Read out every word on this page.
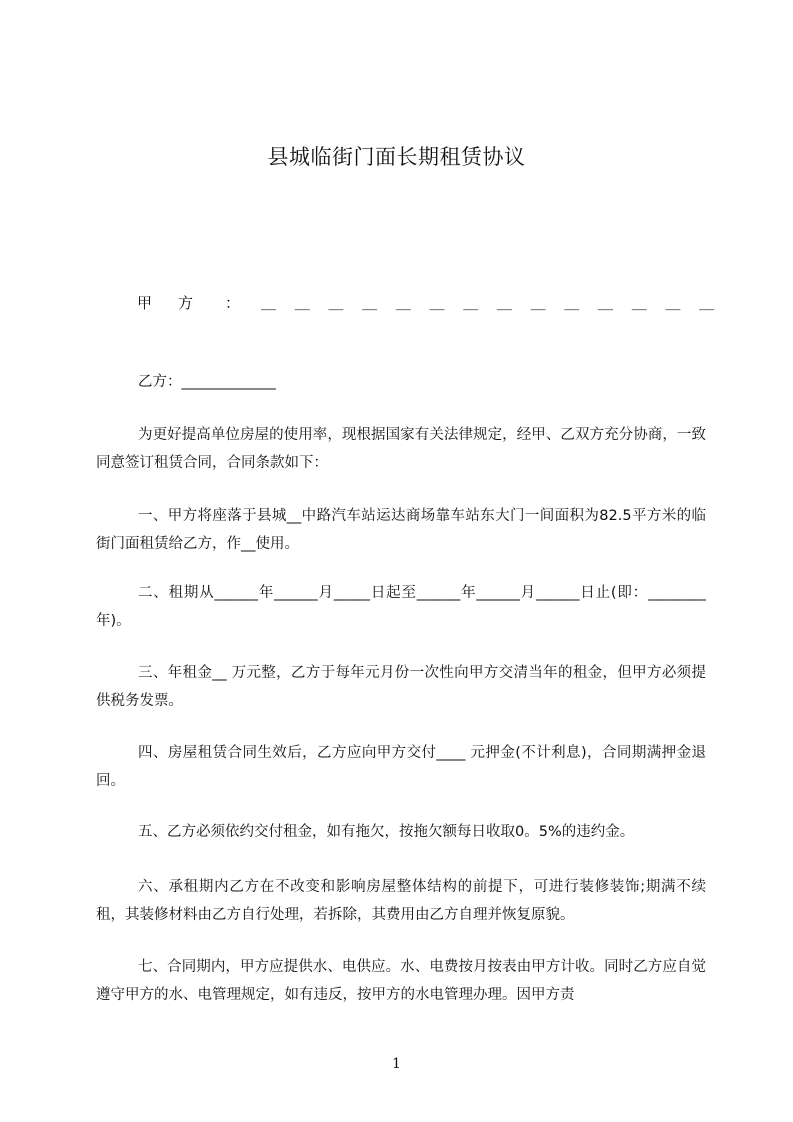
县城临街门面长期租赁协议
甲方 ： ＿＿＿＿＿＿＿＿＿＿＿＿＿＿
乙方：_____________
为更好提高单位房屋的使用率，现根据国家有关法律规定，经甲、乙双方充分协商，一致同意签订租赁合同，合同条款如下：
一、甲方将座落于县城__中路汽车站运达商场靠车站东大门一间面积为82.5平方米的临街门面租赁给乙方，作__使用。
二、租期从______年______月_____日起至______年______月______日止(即：________年)。
三、年租金__ 万元整，乙方于每年元月份一次性向甲方交清当年的租金，但甲方必须提供税务发票。
四、房屋租赁合同生效后，乙方应向甲方交付____ 元押金(不计利息)，合同期满押金退回。
五、乙方必须依约交付租金，如有拖欠，按拖欠额每日收取0。5%的违约金。
六、承租期内乙方在不改变和影响房屋整体结构的前提下，可进行装修装饰;期满不续租，其装修材料由乙方自行处理，若拆除，其费用由乙方自理并恢复原貌。
七、合同期内，甲方应提供水、电供应。水、电费按月按表由甲方计收。同时乙方应自觉遵守甲方的水、电管理规定，如有违反，按甲方的水电管理办理。因甲方责
1
